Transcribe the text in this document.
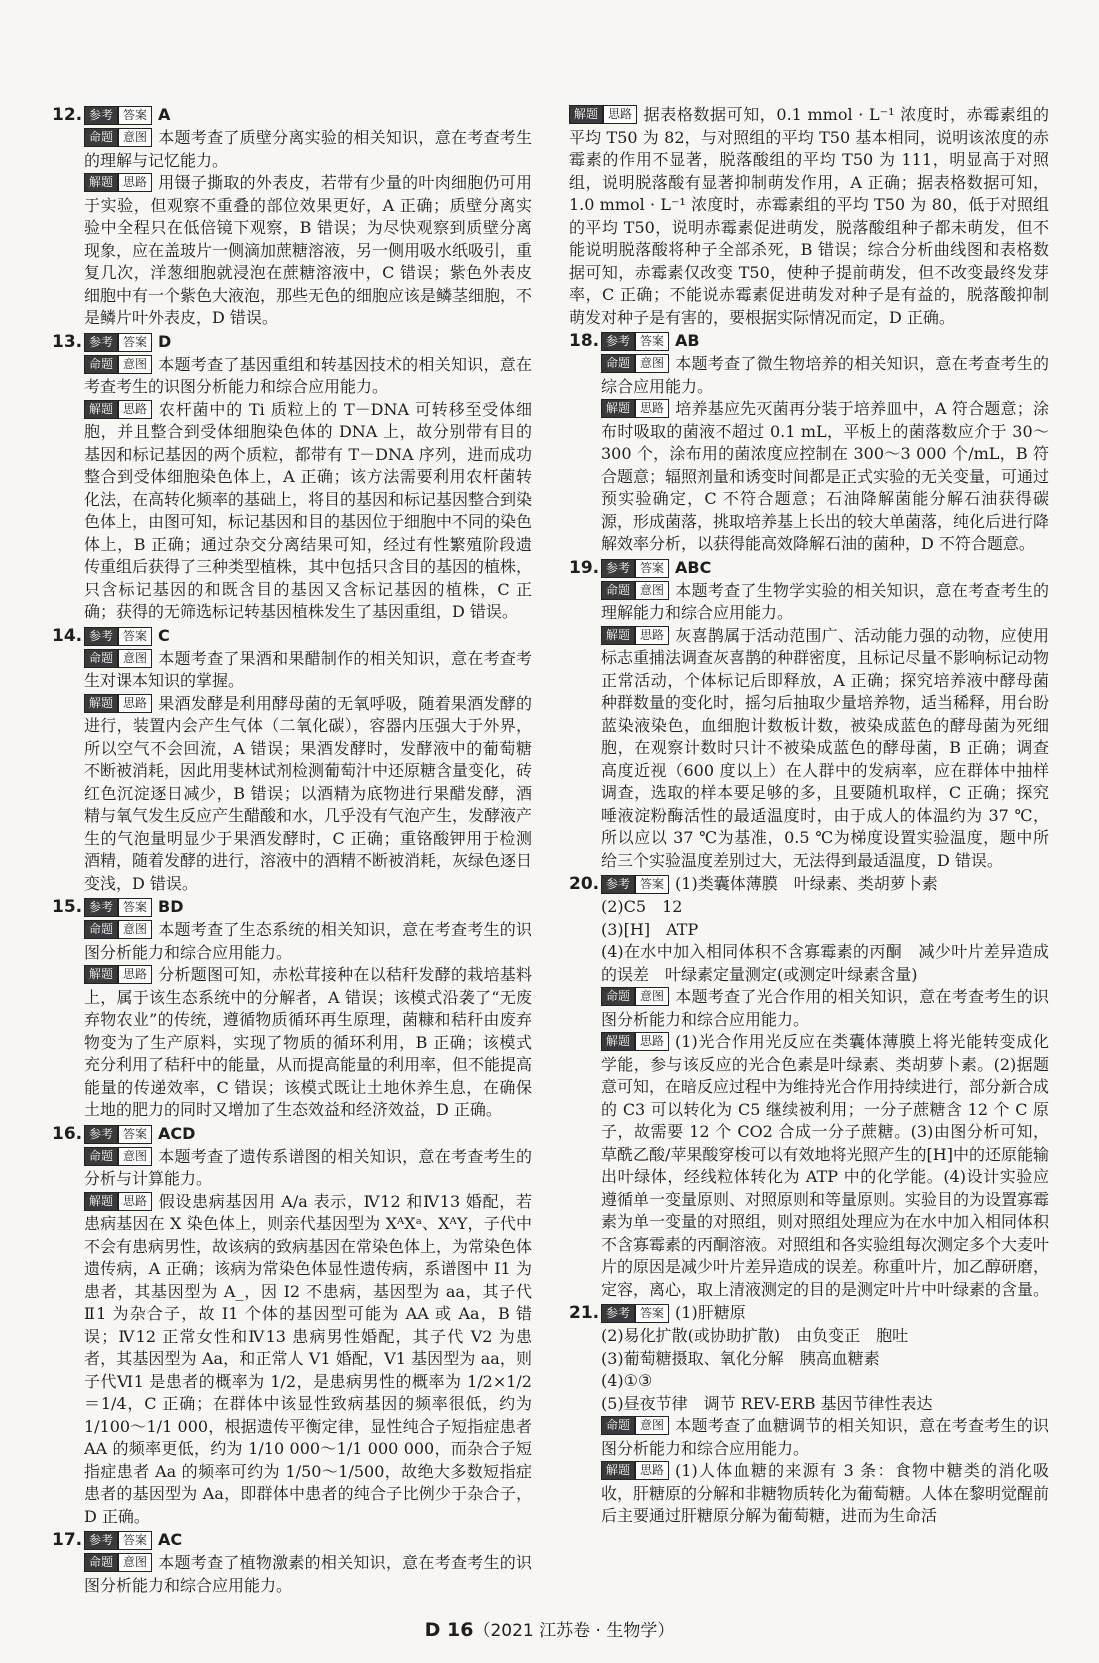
12. 参考 答案 A
命题 意图 本题考查了质壁分离实验的相关知识，意在考查考生的理解与记忆能力。
解题 思路 用镊子撕取的外表皮，若带有少量的叶肉细胞仍可用于实验，但观察不重叠的部位效果更好，A 正确；质壁分离实验中全程只在低倍镜下观察，B 错误；为尽快观察到质壁分离现象，应在盖玻片一侧滴加蔗糖溶液，另一侧用吸水纸吸引，重复几次，洋葱细胞就浸泡在蔗糖溶液中，C 错误；紫色外表皮细胞中有一个紫色大液泡，那些无色的细胞应该是鳞茎细胞，不是鳞片叶外表皮，D 错误。
13. 参考 答案 D
命题 意图 本题考查了基因重组和转基因技术的相关知识，意在考查考生的识图分析能力和综合应用能力。
解题 思路 农杆菌中的 Ti 质粒上的 T－DNA 可转移至受体细胞，并且整合到受体细胞染色体的 DNA 上，故分别带有目的基因和标记基因的两个质粒，都带有 T－DNA 序列，进而成功整合到受体细胞染色体上，A 正确；该方法需要利用农杆菌转化法，在高转化频率的基础上，将目的基因和标记基因整合到染色体上，由图可知，标记基因和目的基因位于细胞中不同的染色体上，B 正确；通过杂交分离结果可知，经过有性繁殖阶段遗传重组后获得了三种类型植株，其中包括只含目的基因的植株，只含标记基因的和既含目的基因又含标记基因的植株，C 正确；获得的无筛选标记转基因植株发生了基因重组，D 错误。
14. 参考 答案 C
命题 意图 本题考查了果酒和果醋制作的相关知识，意在考查考生对课本知识的掌握。
解题 思路 果酒发酵是利用酵母菌的无氧呼吸，随着果酒发酵的进行，装置内会产生气体（二氧化碳），容器内压强大于外界，所以空气不会回流，A 错误；果酒发酵时，发酵液中的葡萄糖不断被消耗，因此用斐林试剂检测葡萄汁中还原糖含量变化，砖红色沉淀逐日减少，B 错误；以酒精为底物进行果醋发酵，酒精与氧气发生反应产生醋酸和水，几乎没有气泡产生，发酵液产生的气泡量明显少于果酒发酵时，C 正确；重铬酸钾用于检测酒精，随着发酵的进行，溶液中的酒精不断被消耗，灰绿色逐日变浅，D 错误。
15. 参考 答案 BD
命题 意图 本题考查了生态系统的相关知识，意在考查考生的识图分析能力和综合应用能力。
解题 思路 分析题图可知，赤松茸接种在以秸秆发酵的栽培基料上，属于该生态系统中的分解者，A 错误；该模式沿袭了“无废弃物农业”的传统，遵循物质循环再生原理，菌糠和秸秆由废弃物变为了生产原料，实现了物质的循环利用，B 正确；该模式充分利用了秸秆中的能量，从而提高能量的利用率，但不能提高能量的传递效率，C 错误；该模式既让土地休养生息，在确保土地的肥力的同时又增加了生态效益和经济效益，D 正确。
16. 参考 答案 ACD
命题 意图 本题考查了遗传系谱图的相关知识，意在考查考生的分析与计算能力。
解题 思路 假设患病基因用 A/a 表示，Ⅳ12 和Ⅳ13 婚配，若患病基因在 X 染色体上，则亲代基因型为 XᴬXᵃ、XᴬY，子代中不会有患病男性，故该病的致病基因在常染色体上，为常染色体遗传病，A 正确；该病为常染色体显性遗传病，系谱图中 I1 为患者，其基因型为 A_，因 I2 不患病，基因型为 aa，其子代Ⅱ1 为杂合子，故 I1 个体的基因型可能为 AA 或 Aa，B 错误；Ⅳ12 正常女性和Ⅳ13 患病男性婚配，其子代 V2 为患者，其基因型为 Aa，和正常人 V1 婚配，V1 基因型为 aa，则子代Ⅵ1 是患者的概率为 1/2，是患病男性的概率为 1/2×1/2＝1/4，C 正确；在群体中该显性致病基因的频率很低，约为 1/100～1/1 000，根据遗传平衡定律，显性纯合子短指症患者 AA 的频率更低，约为 1/10 000～1/1 000 000，而杂合子短指症患者 Aa 的频率可约为 1/50～1/500，故绝大多数短指症患者的基因型为 Aa，即群体中患者的纯合子比例少于杂合子，D 正确。
17. 参考 答案 AC
命题 意图 本题考查了植物激素的相关知识，意在考查考生的识图分析能力和综合应用能力。
解题 思路 据表格数据可知，0.1 mmol · L⁻¹ 浓度时，赤霉素组的平均 T50 为 82，与对照组的平均 T50 基本相同，说明该浓度的赤霉素的作用不显著，脱落酸组的平均 T50 为 111，明显高于对照组，说明脱落酸有显著抑制萌发作用，A 正确；据表格数据可知，1.0 mmol · L⁻¹ 浓度时，赤霉素组的平均 T50 为 80，低于对照组的平均 T50，说明赤霉素促进萌发，脱落酸组种子都未萌发，但不能说明脱落酸将种子全部杀死，B 错误；综合分析曲线图和表格数据可知，赤霉素仅改变 T50，使种子提前萌发，但不改变最终发芽率，C 正确；不能说赤霉素促进萌发对种子是有益的，脱落酸抑制萌发对种子是有害的，要根据实际情况而定，D 正确。
18. 参考 答案 AB
命题 意图 本题考查了微生物培养的相关知识，意在考查考生的综合应用能力。
解题 思路 培养基应先灭菌再分装于培养皿中，A 符合题意；涂布时吸取的菌液不超过 0.1 mL，平板上的菌落数应介于 30～300 个，涂布用的菌浓度应控制在 300～3 000 个/mL，B 符合题意；辐照剂量和诱变时间都是正式实验的无关变量，可通过预实验确定，C 不符合题意；石油降解菌能分解石油获得碳源，形成菌落，挑取培养基上长出的较大单菌落，纯化后进行降解效率分析，以获得能高效降解石油的菌种，D 不符合题意。
19. 参考 答案 ABC
命题 意图 本题考查了生物学实验的相关知识，意在考查考生的理解能力和综合应用能力。
解题 思路 灰喜鹊属于活动范围广、活动能力强的动物，应使用标志重捕法调查灰喜鹊的种群密度，且标记尽量不影响标记动物正常活动，个体标记后即释放，A 正确；探究培养液中酵母菌种群数量的变化时，摇匀后抽取少量培养物，适当稀释，用台盼蓝染液染色，血细胞计数板计数，被染成蓝色的酵母菌为死细胞，在观察计数时只计不被染成蓝色的酵母菌，B 正确；调查高度近视（600 度以上）在人群中的发病率，应在群体中抽样调查，选取的样本要足够的多，且要随机取样，C 正确；探究唾液淀粉酶活性的最适温度时，由于成人的体温约为 37 ℃，所以应以 37 ℃为基准，0.5 ℃为梯度设置实验温度，题中所给三个实验温度差别过大，无法得到最适温度，D 错误。
20. 参考 答案 (1)类囊体薄膜　叶绿素、类胡萝卜素
(2)C5　12
(3)[H]　ATP
(4)在水中加入相同体积不含寡霉素的丙酮　减少叶片差异造成的误差　叶绿素定量测定(或测定叶绿素含量)
命题 意图 本题考查了光合作用的相关知识，意在考查考生的识图分析能力和综合应用能力。
解题 思路 (1)光合作用光反应在类囊体薄膜上将光能转变成化学能，参与该反应的光合色素是叶绿素、类胡萝卜素。(2)据题意可知，在暗反应过程中为维持光合作用持续进行，部分新合成的 C3 可以转化为 C5 继续被利用；一分子蔗糖含 12 个 C 原子，故需要 12 个 CO2 合成一分子蔗糖。(3)由图分析可知，草酰乙酸/苹果酸穿梭可以有效地将光照产生的[H]中的还原能输出叶绿体，经线粒体转化为 ATP 中的化学能。(4)设计实验应遵循单一变量原则、对照原则和等量原则。实验目的为设置寡霉素为单一变量的对照组，则对照组处理应为在水中加入相同体积不含寡霉素的丙酮溶液。对照组和各实验组每次测定多个大麦叶片的原因是减少叶片差异造成的误差。称重叶片，加乙醇研磨，定容，离心，取上清液测定的目的是测定叶片中叶绿素的含量。
21. 参考 答案 (1)肝糖原
(2)易化扩散(或协助扩散)　由负变正　胞吐
(3)葡萄糖摄取、氧化分解　胰高血糖素
(4)①③
(5)昼夜节律　调节 REV-ERB 基因节律性表达
命题 意图 本题考查了血糖调节的相关知识，意在考查考生的识图分析能力和综合应用能力。
解题 思路 (1)人体血糖的来源有 3 条：食物中糖类的消化吸收，肝糖原的分解和非糖物质转化为葡萄糖。人体在黎明觉醒前后主要通过肝糖原分解为葡萄糖，进而为生命活
D 16（2021 江苏卷 · 生物学）
